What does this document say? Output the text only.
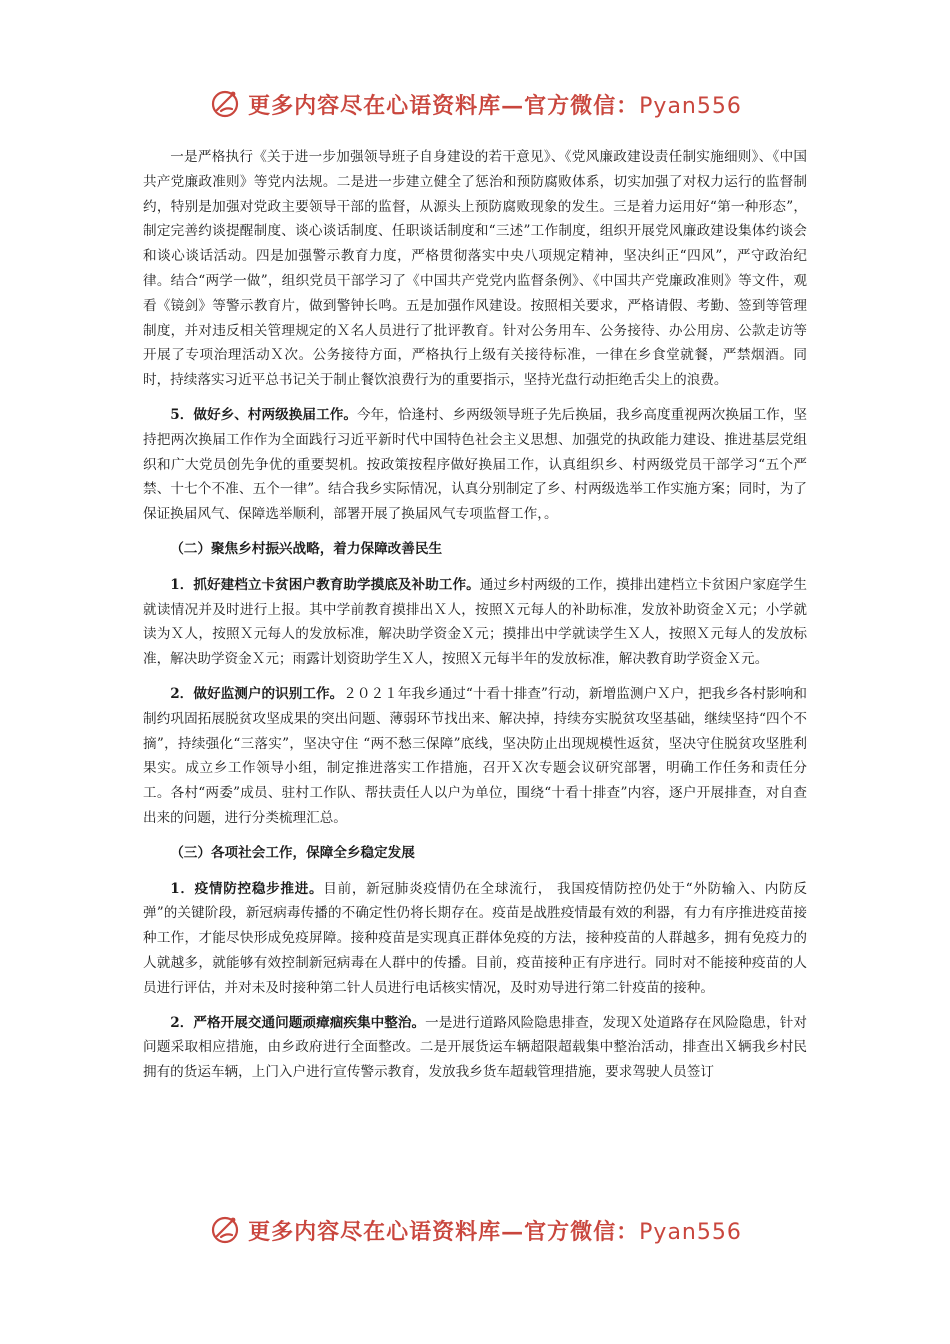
更多内容尽在心语资料库—官方微信：Pyan556

一是严格执行《关于进一步加强领导班子自身建设的若干意见》、《党风廉政建设责任制实施细则》、《中国共产党廉政准则》等党内法规。二是进一步建立健全了惩治和预防腐败体系，切实加强了对权力运行的监督制约，特别是加强对党政主要领导干部的监督，从源头上预防腐败现象的发生。三是着力运用好“第一种形态”，制定完善约谈提醒制度、谈心谈话制度、任职谈话制度和“三述”工作制度，组织开展党风廉政建设集体约谈会和谈心谈话活动。四是加强警示教育力度，严格贯彻落实中央八项规定精神，坚决纠正“四风”，严守政治纪律。结合“两学一做”，组织党员干部学习了《中国共产党党内监督条例》、《中国共产党廉政准则》等文件，观看《镜剑》等警示教育片，做到警钟长鸣。五是加强作风建设。按照相关要求，严格请假、考勤、签到等管理制度，并对违反相关管理规定的Ｘ名人员进行了批评教育。针对公务用车、公务接待、办公用房、公款走访等开展了专项治理活动Ｘ次。公务接待方面，严格执行上级有关接待标准，一律在乡食堂就餐，严禁烟酒。同时，持续落实习近平总书记关于制止餐饮浪费行为的重要指示，坚持光盘行动拒绝舌尖上的浪费。

5．做好乡、村两级换届工作。今年，恰逢村、乡两级领导班子先后换届，我乡高度重视两次换届工作，坚持把两次换届工作作为全面践行习近平新时代中国特色社会主义思想、加强党的执政能力建设、推进基层党组织和广大党员创先争优的重要契机。按政策按程序做好换届工作，认真组织乡、村两级党员干部学习“五个严禁、十七个不准、五个一律”。结合我乡实际情况，认真分别制定了乡、村两级选举工作实施方案；同时，为了保证换届风气、保障选举顺利，部署开展了换届风气专项监督工作，。

（二）聚焦乡村振兴战略，着力保障改善民生

1．抓好建档立卡贫困户教育助学摸底及补助工作。通过乡村两级的工作，摸排出建档立卡贫困户家庭学生就读情况并及时进行上报。其中学前教育摸排出Ｘ人，按照Ｘ元每人的补助标准，发放补助资金Ｘ元；小学就读为Ｘ人，按照Ｘ元每人的发放标准，解决助学资金Ｘ元；摸排出中学就读学生Ｘ人，按照Ｘ元每人的发放标准，解决助学资金Ｘ元；雨露计划资助学生Ｘ人，按照Ｘ元每半年的发放标准，解决教育助学资金Ｘ元。

2．做好监测户的识别工作。２０２１年我乡通过“十看十排查”行动，新增监测户Ｘ户，把我乡各村影响和制约巩固拓展脱贫攻坚成果的突出问题、薄弱环节找出来、解决掉，持续夯实脱贫攻坚基础，继续坚持“四个不摘”，持续强化“三落实”，坚决守住 “两不愁三保障”底线，坚决防止出现规模性返贫，坚决守住脱贫攻坚胜利果实。成立乡工作领导小组，制定推进落实工作措施，召开Ｘ次专题会议研究部署，明确工作任务和责任分工。各村“两委”成员、驻村工作队、帮扶责任人以户为单位，围绕“十看十排查”内容，逐户开展排查，对自查出来的问题，进行分类梳理汇总。

（三）各项社会工作，保障全乡稳定发展

1．疫情防控稳步推进。目前，新冠肺炎疫情仍在全球流行， 我国疫情防控仍处于“外防输入、内防反弹”的关键阶段，新冠病毒传播的不确定性仍将长期存在。疫苗是战胜疫情最有效的利器，有力有序推进疫苗接种工作，才能尽快形成免疫屏障。接种疫苗是实现真正群体免疫的方法，接种疫苗的人群越多，拥有免疫力的人就越多，就能够有效控制新冠病毒在人群中的传播。目前，疫苗接种正有序进行。同时对不能接种疫苗的人员进行评估，并对未及时接种第二针人员进行电话核实情况，及时劝导进行第二针疫苗的接种。

2．严格开展交通问题顽瘴痼疾集中整治。一是进行道路风险隐患排查，发现Ｘ处道路存在风险隐患，针对问题采取相应措施，由乡政府进行全面整改。二是开展货运车辆超限超载集中整治活动，排查出Ｘ辆我乡村民拥有的货运车辆，上门入户进行宣传警示教育，发放我乡货车超载管理措施，要求驾驶人员签订

更多内容尽在心语资料库—官方微信：Pyan556
